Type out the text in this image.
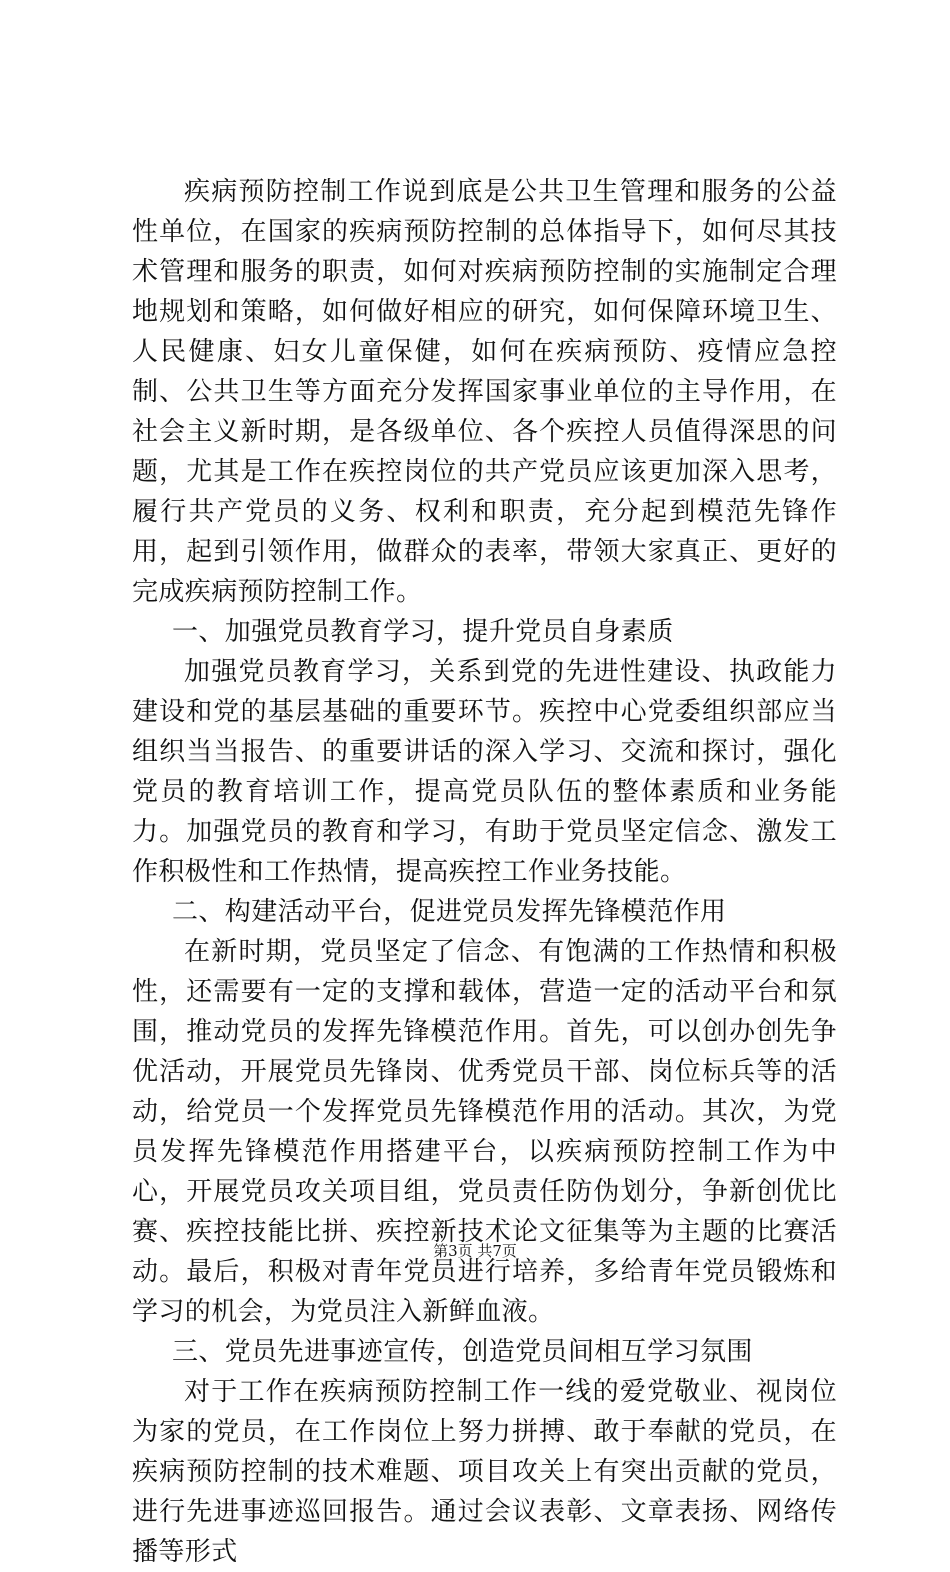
疾病预防控制工作说到底是公共卫生管理和服务的公益性单位，在国家的疾病预防控制的总体指导下，如何尽其技术管理和服务的职责，如何对疾病预防控制的实施制定合理地规划和策略，如何做好相应的研究，如何保障环境卫生、人民健康、妇女儿童保健，如何在疾病预防、疫情应急控制、公共卫生等方面充分发挥国家事业单位的主导作用，在社会主义新时期，是各级单位、各个疾控人员值得深思的问题，尤其是工作在疾控岗位的共产党员应该更加深入思考，履行共产党员的义务、权利和职责，充分起到模范先锋作用，起到引领作用，做群众的表率，带领大家真正、更好的完成疾病预防控制工作。

一、加强党员教育学习，提升党员自身素质

加强党员教育学习，关系到党的先进性建设、执政能力建设和党的基层基础的重要环节。疾控中心党委组织部应当组织当当报告、的重要讲话的深入学习、交流和探讨，强化党员的教育培训工作，提高党员队伍的整体素质和业务能力。加强党员的教育和学习，有助于党员坚定信念、激发工作积极性和工作热情，提高疾控工作业务技能。

二、构建活动平台，促进党员发挥先锋模范作用

在新时期，党员坚定了信念、有饱满的工作热情和积极性，还需要有一定的支撑和载体，营造一定的活动平台和氛围，推动党员的发挥先锋模范作用。首先，可以创办创先争优活动，开展党员先锋岗、优秀党员干部、岗位标兵等的活动，给党员一个发挥党员先锋模范作用的活动。其次，为党员发挥先锋模范作用搭建平台，以疾病预防控制工作为中心，开展党员攻关项目组，党员责任防伪划分，争新创优比赛、疾控技能比拼、疾控新技术论文征集等为主题的比赛活动。最后，积极对青年党员进行培养，多给青年党员锻炼和学习的机会，为党员注入新鲜血液。

三、党员先进事迹宣传，创造党员间相互学习氛围

对于工作在疾病预防控制工作一线的爱党敬业、视岗位为家的党员，在工作岗位上努力拼搏、敢于奉献的党员，在疾病预防控制的技术难题、项目攻关上有突出贡献的党员，进行先进事迹巡回报告。通过会议表彰、文章表扬、网络传播等形式

第3页 共7页
